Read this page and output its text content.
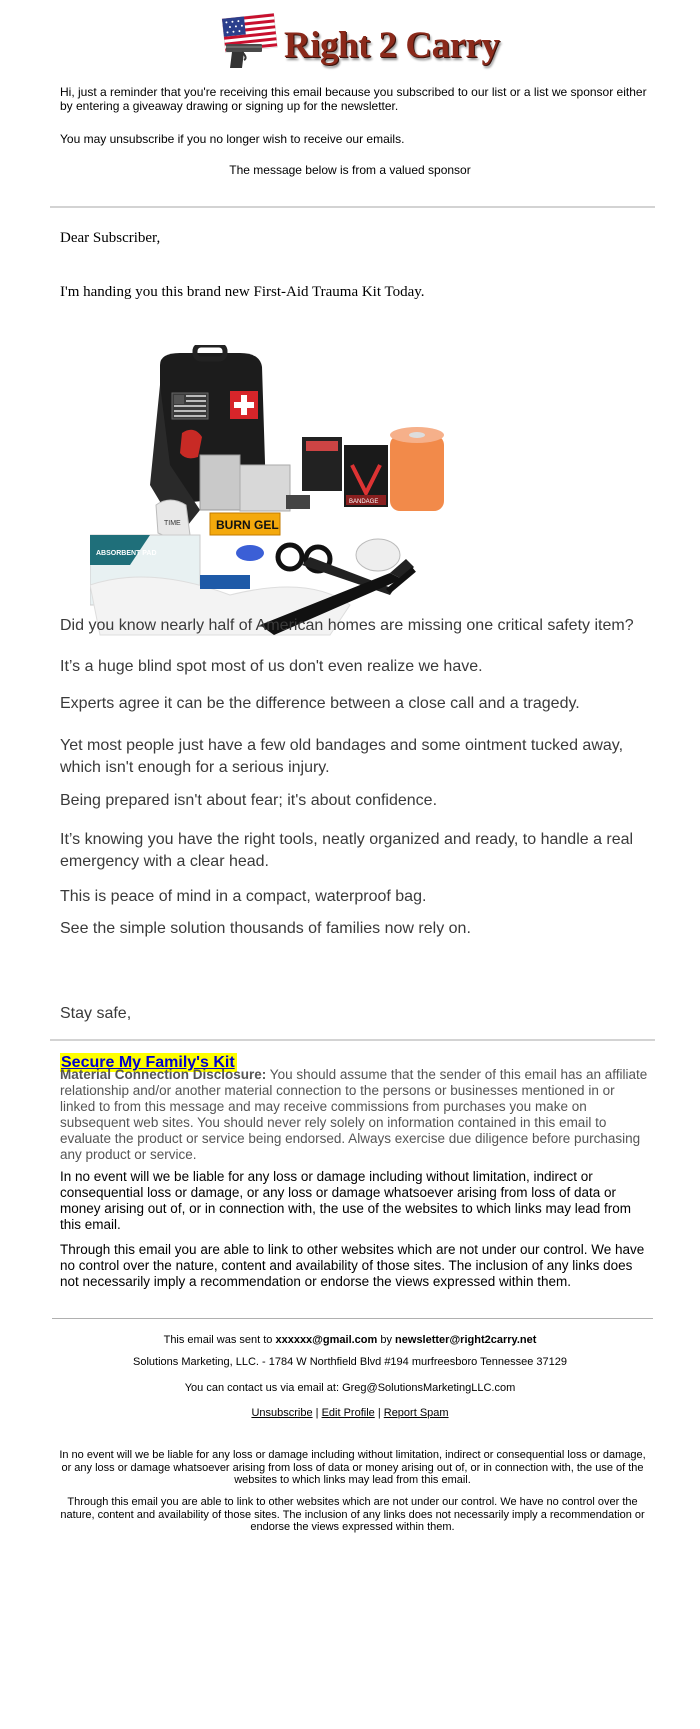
Right 2 Carry

Hi, just a reminder that you're receiving this email because you subscribed to our list or a list we sponsor either by entering a giveaway drawing or signing up for the newsletter.

You may unsubscribe if you no longer wish to receive our emails.

The message below is from a valued sponsor

Dear Subscriber,
I'm handing you this brand new First-Aid Trauma Kit Today.
TIME
BANDAGE
BURN GEL
ABSORBENT PAD

Did you know nearly half of American homes are missing one critical safety item?

It’s a huge blind spot most of us don't even realize we have.

Experts agree it can be the difference between a close call and a tragedy.

Yet most people just have a few old bandages and some ointment tucked away, which isn't enough for a serious injury.

Being prepared isn't about fear; it's about confidence.

It’s knowing you have the right tools, neatly organized and ready, to handle a real emergency with a clear head.

This is peace of mind in a compact, waterproof bag.

See the simple solution thousands of families now rely on.

Secure My Family's Kit

Stay safe,

Material Connection Disclosure: You should assume that the sender of this email has an affiliate relationship and/or another material connection to the persons or businesses mentioned in or linked to from this message and may receive commissions from purchases you make on subsequent web sites. You should never rely solely on information contained in this email to evaluate the product or service being endorsed. Always exercise due diligence before purchasing any product or service.

In no event will we be liable for any loss or damage including without limitation, indirect or consequential loss or damage, or any loss or damage whatsoever arising from loss of data or money arising out of, or in connection with, the use of the websites to which links may lead from this email.

Through this email you are able to link to other websites which are not under our control. We have no control over the nature, content and availability of those sites. The inclusion of any links does not necessarily imply a recommendation or endorse the views expressed within them.

This email was sent to xxxxxx@gmail.com by newsletter@right2carry.net
Solutions Marketing, LLC. - 1784 W Northfield Blvd #194 murfreesboro Tennessee 37129
You can contact us via email at: Greg@SolutionsMarketingLLC.com
Unsubscribe | Edit Profile | Report Spam

In no event will we be liable for any loss or damage including without limitation, indirect or consequential loss or damage, or any loss or damage whatsoever arising from loss of data or money arising out of, or in connection with, the use of the websites to which links may lead from this email.

Through this email you are able to link to other websites which are not under our control. We have no control over the nature, content and availability of those sites. The inclusion of any links does not necessarily imply a recommendation or endorse the views expressed within them.
